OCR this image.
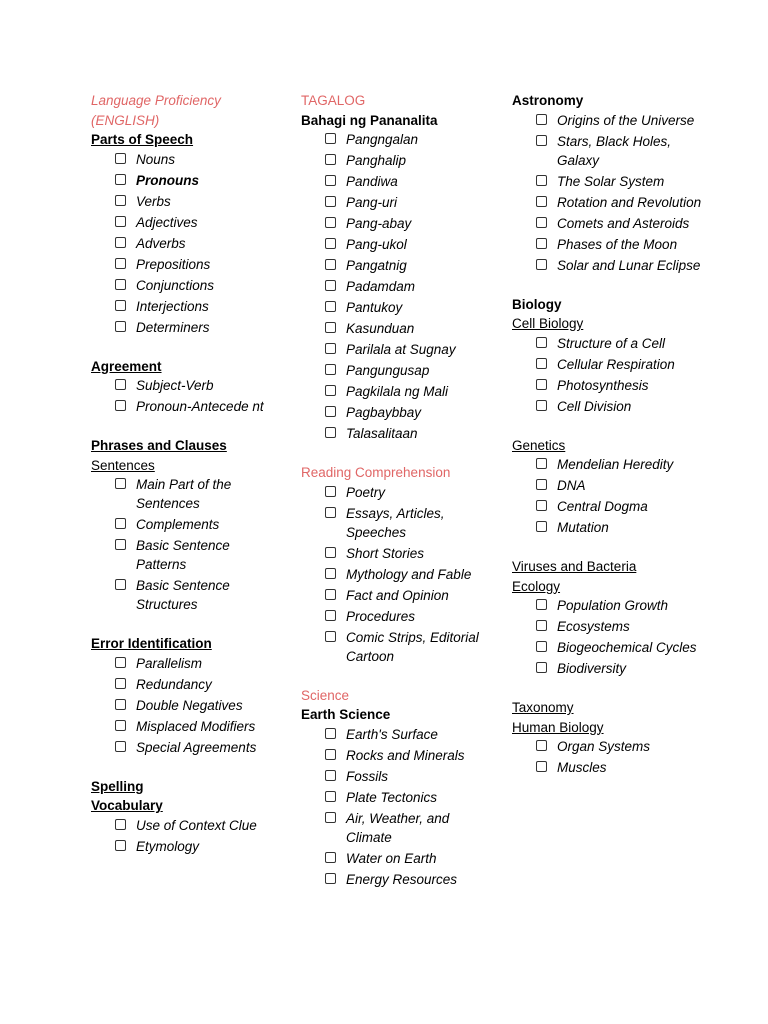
Language Proficiency (ENGLISH)
Parts of Speech
Nouns
Pronouns
Verbs
Adjectives
Adverbs
Prepositions
Conjunctions
Interjections
Determiners
Agreement
Subject-Verb
Pronoun-Antecede nt
Phrases and Clauses
Sentences
Main Part of the Sentences
Complements
Basic Sentence Patterns
Basic Sentence Structures
Error Identification
Parallelism
Redundancy
Double Negatives
Misplaced Modifiers
Special Agreements
Spelling
Vocabulary
Use of Context Clue
Etymology
TAGALOG
Bahagi ng Pananalita
Pangngalan
Panghalip
Pandiwa
Pang-uri
Pang-abay
Pang-ukol
Pangatnig
Padamdam
Pantukoy
Kasunduan
Parilala at Sugnay
Pangungusap
Pagkilala ng Mali
Pagbaybbay
Talasalitaan
Reading Comprehension
Poetry
Essays, Articles, Speeches
Short Stories
Mythology and Fable
Fact and Opinion
Procedures
Comic Strips, Editorial Cartoon
Science
Earth Science
Earth's Surface
Rocks and Minerals
Fossils
Plate Tectonics
Air, Weather, and Climate
Water on Earth
Energy Resources
Astronomy
Origins of the Universe
Stars, Black Holes, Galaxy
The Solar System
Rotation and Revolution
Comets and Asteroids
Phases of the Moon
Solar and Lunar Eclipse
Biology
Cell Biology
Structure of a Cell
Cellular Respiration
Photosynthesis
Cell Division
Genetics
Mendelian Heredity
DNA
Central Dogma
Mutation
Viruses and Bacteria
Ecology
Population Growth
Ecosystems
Biogeochemical Cycles
Biodiversity
Taxonomy
Human Biology
Organ Systems
Muscles
